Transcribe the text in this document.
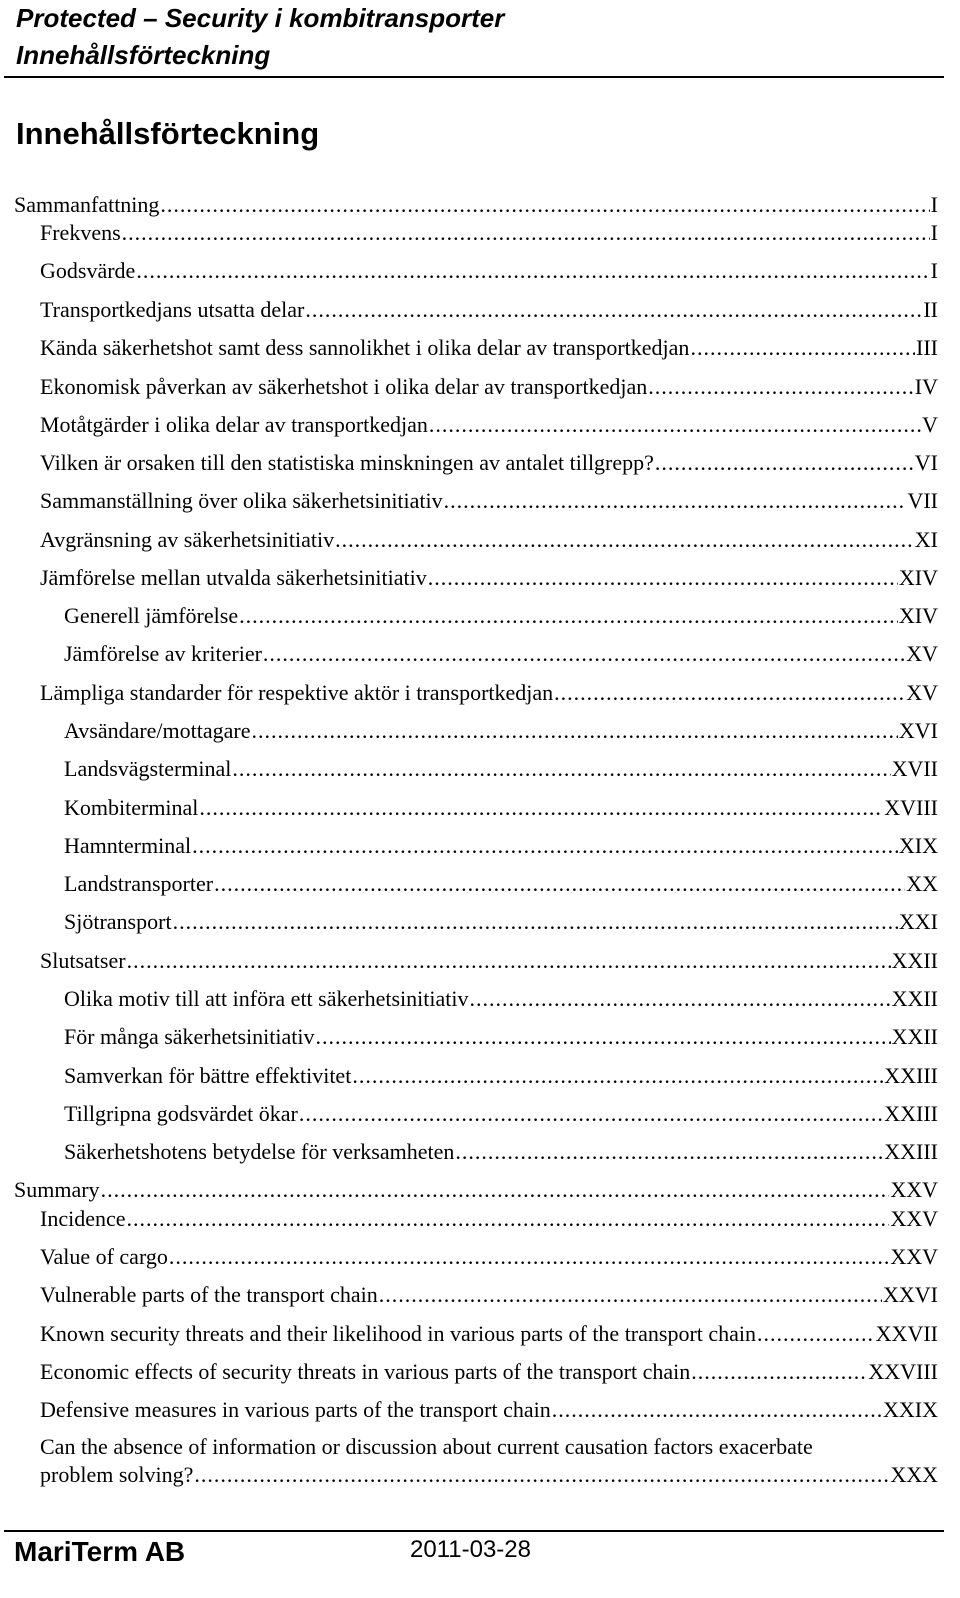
Protected – Security i kombitransporter
Innehållsförteckning
Innehållsförteckning
Sammanfattning .....	I
Frekvens .....	I
Godsvärde .....	I
Transportkedjans utsatta delar .....	II
Kända säkerhetshot samt dess sannolikhet i olika delar av transportkedjan .....	III
Ekonomisk påverkan av säkerhetshot i olika delar av transportkedjan .....	IV
Motåtgärder i olika delar av transportkedjan .....	V
Vilken är orsaken till den statistiska minskningen av antalet tillgrepp? .....	VI
Sammanställning över olika säkerhetsinitiativ .....	VII
Avgränsning av säkerhetsinitiativ .....	XI
Jämförelse mellan utvalda säkerhetsinitiativ .....	XIV
Generell jämförelse .....	XIV
Jämförelse av kriterier .....	XV
Lämpliga standarder för respektive aktör i transportkedjan .....	XV
Avsändare/mottagare .....	XVI
Landsvägsterminal .....	XVII
Kombiterminal .....	XVIII
Hamnterminal .....	XIX
Landstransporter .....	XX
Sjötransport .....	XXI
Slutsatser .....	XXII
Olika motiv till att införa ett säkerhetsinitiativ .....	XXII
För många säkerhetsinitiativ .....	XXII
Samverkan för bättre effektivitet .....	XXIII
Tillgripna godsvärdet ökar .....	XXIII
Säkerhetshotens betydelse för verksamheten .....	XXIII
Summary .....	XXV
Incidence .....	XXV
Value of cargo .....	XXV
Vulnerable parts of the transport chain .....	XXVI
Known security threats and their likelihood in various parts of the transport chain .....	XXVII
Economic effects of security threats in various parts of the transport chain .....	XXVIII
Defensive measures in various parts of the transport chain .....	XXIX
Can the absence of information or discussion about current causation factors exacerbate
problem solving? .....	XXX
MariTerm AB	2011-03-28
